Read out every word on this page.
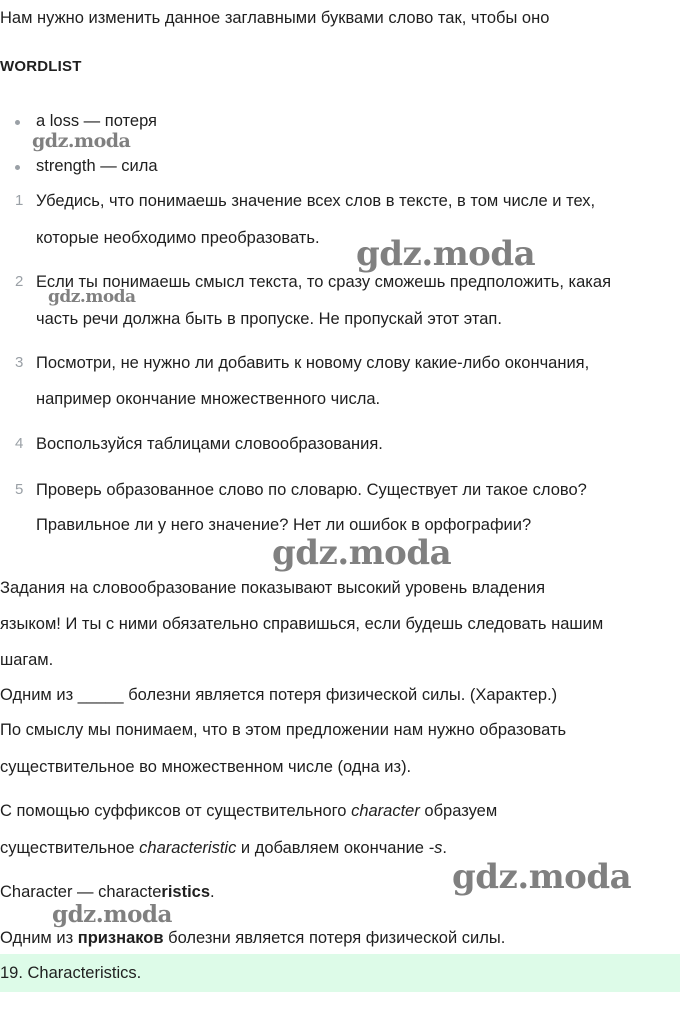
Нам нужно изменить данное заглавными буквами слово так, чтобы оно
WORDLIST
a loss — потеря
strength — сила
1 Убедись, что понимаешь значение всех слов в тексте, в том числе и тех,
которые необходимо преобразовать.
2 Если ты понимаешь смысл текста, то сразу сможешь предположить, какая
часть речи должна быть в пропуске. Не пропускай этот этап.
3 Посмотри, не нужно ли добавить к новому слову какие-либо окончания,
например окончание множественного числа.
4 Воспользуйся таблицами словообразования.
5 Проверь образованное слово по словарю. Существует ли такое слово?
Правильное ли у него значение? Нет ли ошибок в орфографии?
Задания на словообразование показывают высокий уровень владения
языком! И ты с ними обязательно справишься, если будешь следовать нашим
шагам.
Одним из _____ болезни является потеря физической силы. (Характер.)
По смыслу мы понимаем, что в этом предложении нам нужно образовать
существительное во множественном числе (одна из).
С помощью суффиксов от существительного character образуем
существительное characteristic и добавляем окончание -s.
Character — characteristics.
Одним из признаков болезни является потеря физической силы.
19. Characteristics.
gdz.moda
gdz.moda
gdz.moda
gdz.moda
gdz.moda
gdz.moda
